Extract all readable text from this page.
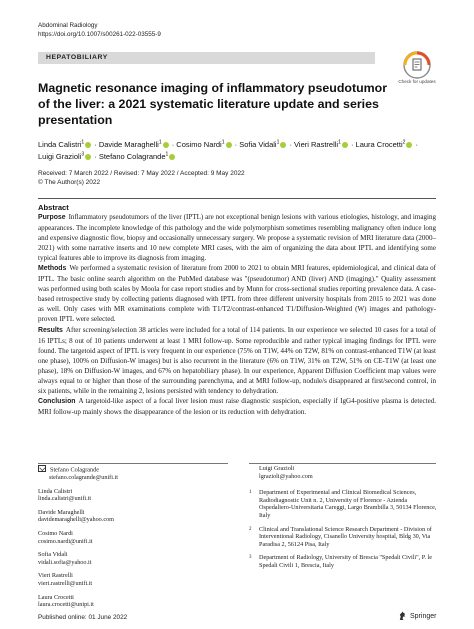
Abdominal Radiology
https://doi.org/10.1007/s00261-022-03555-9
HEPATOBILIARY
Check for updates
Magnetic resonance imaging of inflammatory pseudotumor of the liver: a 2021 systematic literature update and series presentation
Linda Calistri$^1$ · Davide Maraghelli$^1$ · Cosimo Nardi$^1$ · Sofia Vidali$^1$ · Vieri Rastrelli$^1$ · Laura Crocetti$^2$ ·
Luigi Grazioli$^3$ · Stefano Colagrande$^1$
Received: 7 March 2022 / Revised: 7 May 2022 / Accepted: 9 May 2022
© The Author(s) 2022
Abstract

Purpose Inflammatory pseudotumors of the liver (IPTL) are not exceptional benign lesions with various etiologies, histology, and imaging appearances. The incomplete knowledge of this pathology and the wide polymorphism sometimes resembling malignancy often induce long and expensive diagnostic flow, biopsy and occasionally unnecessary surgery. We propose a systematic revision of MRI literature data (2000–2021) with some narrative inserts and 10 new complete MRI cases, with the aim of organizing the data about IPTL and identifying some typical features able to improve its diagnosis from imaging.

Methods We performed a systematic revision of literature from 2000 to 2021 to obtain MRI features, epidemiological, and clinical data of IPTL. The basic online search algorithm on the PubMed database was "(pseudotumor) AND (liver) AND (imaging)." Quality assessment was performed using both scales by Moola for case report studies and by Munn for cross-sectional studies reporting prevalence data. A case-based retrospective study by collecting patients diagnosed with IPTL from three different university hospitals from 2015 to 2021 was done as well. Only cases with MR examinations complete with T1/T2/contrast-enhanced T1/Diffusion-Weighted (W) images and pathology-proven IPTL were selected.

Results After screening/selection 38 articles were included for a total of 114 patients. In our experience we selected 10 cases for a total of 16 IPTLs; 8 out of 10 patients underwent at least 1 MRI follow-up. Some reproducible and rather typical imaging findings for IPTL were found. The targetoid aspect of IPTL is very frequent in our experience (75% on T1W, 44% on T2W, 81% on contrast-enhanced T1W (at least one phase), 100% on Diffusion-W images) but is also recurrent in the literature (6% on T1W, 31% on T2W, 51% on CE-T1W (at least one phase), 18% on Diffusion-W images, and 67% on hepatobiliary phase). In our experience, Apparent Diffusion Coefficient map values were always equal to or higher than those of the surrounding parenchyma, and at MRI follow-up, nodule/s disappeared at first/second control, in six patients, while in the remaining 2, lesions persisted with tendency to dehydration.

Conclusion A targetoid-like aspect of a focal liver lesion must raise diagnostic suspicion, especially if IgG4-positive plasma is detected. MRI follow-up mainly shows the disappearance of the lesion or its reduction with dehydration.

Stefano Colagrande
stefano.colagrande@unifi.it
Linda Calistri
linda.calistri@unifi.it
Davide Maraghelli
davidemaraghelli@yahoo.com
Cosimo Nardi
cosimo.nardi@unifi.it
Sofia Vidali
vidali.sofia@yahoo.it
Vieri Rastrelli
vieri.rastrelli@unifi.it
Laura Crocetti
laura.crocetti@unipi.it
Luigi Grazioli
lgrazioli@yahoo.com
1	Department of Experimental and Clinical Biomedical Sciences, Radiodiagnostic Unit n. 2, University of Florence - Azienda Ospedaliero-Universitaria Careggi, Largo Brambilla 3, 50134 Florence, Italy
2	Clinical and Translational Science Research Department - Division of Interventional Radiology, Cisanello University hospital, Bldg 30, Via Paradisa 2, 56124 Pisa, Italy
3	Department of Radiology, University of Brescia "Spedali Civili", P. le Spedali Civili 1, Brescia, Italy
Published online: 01 June 2022	Springer
